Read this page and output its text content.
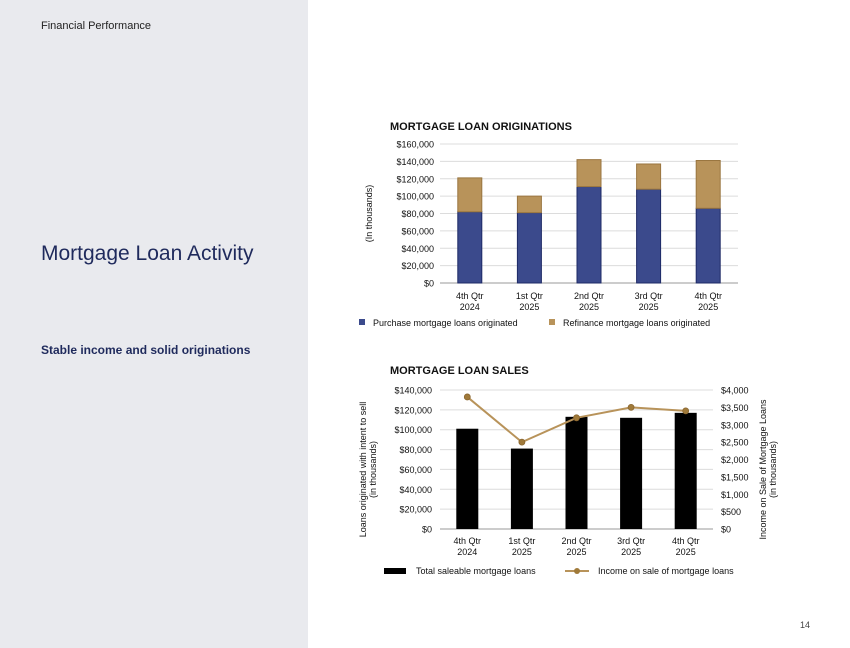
Financial Performance
Mortgage Loan Activity
Stable income and solid originations
14
MORTGAGE LOAN ORIGINATIONS
$0
$20,000
$40,000
$60,000
$80,000
$100,000
$120,000
$140,000
$160,000
(In thousands)
4th Qtr
2024
1st Qtr
2025
2nd Qtr
2025
3rd Qtr
2025
4th Qtr
2025
Purchase mortgage loans originated	Refinance mortgage loans originated
MORTGAGE LOAN SALES
$0
$20,000
$40,000
$60,000
$80,000
$100,000
$120,000
$140,000
$0
$500
$1,000
$1,500
$2,000
$2,500
$3,000
$3,500
$4,000
Loans originated with intent to sell (in thousands)	Income on Sale of Mortgage Loans (in thousands)
4th Qtr
2024
1st Qtr
2025
2nd Qtr
2025
3rd Qtr
2025
4th Qtr
2025
Total saleable mortgage loans	Income on sale of mortgage loans
